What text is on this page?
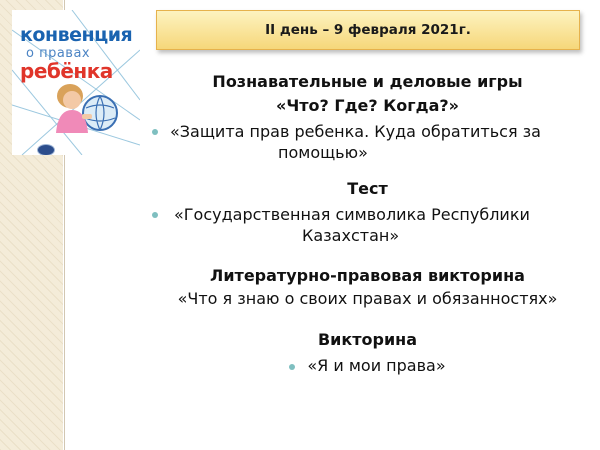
конвенция
о правах
ребёнка
II день – 9 февраля 2021г.
Познавательные и деловые игры
«Что? Где? Когда?»
«Защита прав ребенка. Куда обратиться за
помощью»
Тест
«Государственная символика Республики
Казахстан»
Литературно-правовая викторина
«Что я знаю о своих правах и обязанностях»
Викторина
«Я и мои права»
